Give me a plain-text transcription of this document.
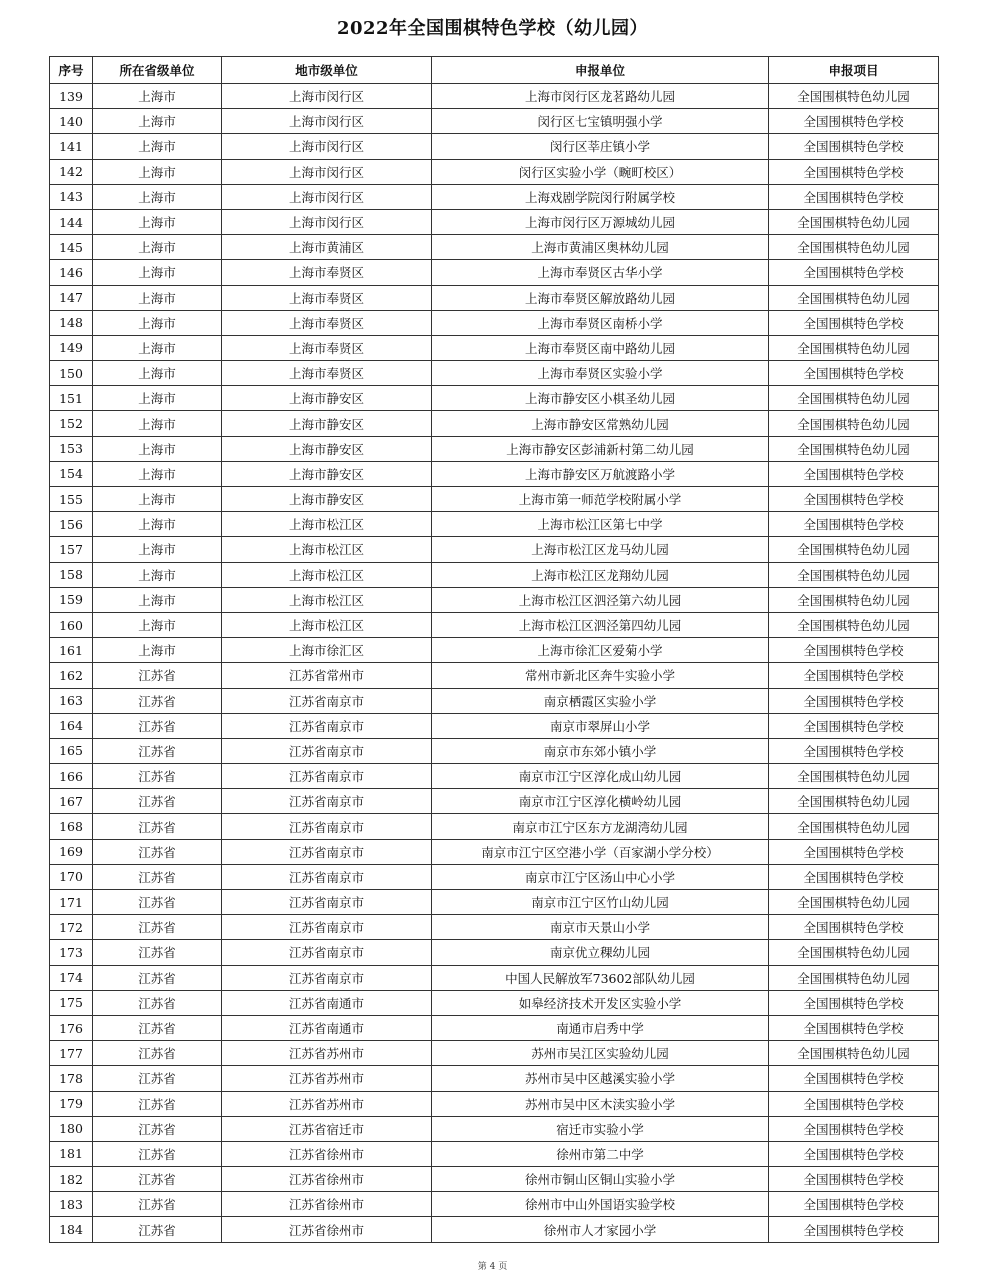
2022年全国围棋特色学校（幼儿园）
序号	所在省级单位	地市级单位	申报单位	申报项目
139	上海市	上海市闵行区	上海市闵行区龙茗路幼儿园	全国围棋特色幼儿园
140	上海市	上海市闵行区	闵行区七宝镇明强小学	全国围棋特色学校
141	上海市	上海市闵行区	闵行区莘庄镇小学	全国围棋特色学校
142	上海市	上海市闵行区	闵行区实验小学（畹町校区）	全国围棋特色学校
143	上海市	上海市闵行区	上海戏剧学院闵行附属学校	全国围棋特色学校
144	上海市	上海市闵行区	上海市闵行区万源城幼儿园	全国围棋特色幼儿园
145	上海市	上海市黄浦区	上海市黄浦区奥林幼儿园	全国围棋特色幼儿园
146	上海市	上海市奉贤区	上海市奉贤区古华小学	全国围棋特色学校
147	上海市	上海市奉贤区	上海市奉贤区解放路幼儿园	全国围棋特色幼儿园
148	上海市	上海市奉贤区	上海市奉贤区南桥小学	全国围棋特色学校
149	上海市	上海市奉贤区	上海市奉贤区南中路幼儿园	全国围棋特色幼儿园
150	上海市	上海市奉贤区	上海市奉贤区实验小学	全国围棋特色学校
151	上海市	上海市静安区	上海市静安区小棋圣幼儿园	全国围棋特色幼儿园
152	上海市	上海市静安区	上海市静安区常熟幼儿园	全国围棋特色幼儿园
153	上海市	上海市静安区	上海市静安区彭浦新村第二幼儿园	全国围棋特色幼儿园
154	上海市	上海市静安区	上海市静安区万航渡路小学	全国围棋特色学校
155	上海市	上海市静安区	上海市第一师范学校附属小学	全国围棋特色学校
156	上海市	上海市松江区	上海市松江区第七中学	全国围棋特色学校
157	上海市	上海市松江区	上海市松江区龙马幼儿园	全国围棋特色幼儿园
158	上海市	上海市松江区	上海市松江区龙翔幼儿园	全国围棋特色幼儿园
159	上海市	上海市松江区	上海市松江区泗泾第六幼儿园	全国围棋特色幼儿园
160	上海市	上海市松江区	上海市松江区泗泾第四幼儿园	全国围棋特色幼儿园
161	上海市	上海市徐汇区	上海市徐汇区爱菊小学	全国围棋特色学校
162	江苏省	江苏省常州市	常州市新北区奔牛实验小学	全国围棋特色学校
163	江苏省	江苏省南京市	南京栖霞区实验小学	全国围棋特色学校
164	江苏省	江苏省南京市	南京市翠屏山小学	全国围棋特色学校
165	江苏省	江苏省南京市	南京市东郊小镇小学	全国围棋特色学校
166	江苏省	江苏省南京市	南京市江宁区淳化成山幼儿园	全国围棋特色幼儿园
167	江苏省	江苏省南京市	南京市江宁区淳化横岭幼儿园	全国围棋特色幼儿园
168	江苏省	江苏省南京市	南京市江宁区东方龙湖湾幼儿园	全国围棋特色幼儿园
169	江苏省	江苏省南京市	南京市江宁区空港小学（百家湖小学分校）	全国围棋特色学校
170	江苏省	江苏省南京市	南京市江宁区汤山中心小学	全国围棋特色学校
171	江苏省	江苏省南京市	南京市江宁区竹山幼儿园	全国围棋特色幼儿园
172	江苏省	江苏省南京市	南京市天景山小学	全国围棋特色学校
173	江苏省	江苏省南京市	南京优立稞幼儿园	全国围棋特色幼儿园
174	江苏省	江苏省南京市	中国人民解放军73602部队幼儿园	全国围棋特色幼儿园
175	江苏省	江苏省南通市	如皋经济技术开发区实验小学	全国围棋特色学校
176	江苏省	江苏省南通市	南通市启秀中学	全国围棋特色学校
177	江苏省	江苏省苏州市	苏州市吴江区实验幼儿园	全国围棋特色幼儿园
178	江苏省	江苏省苏州市	苏州市吴中区越溪实验小学	全国围棋特色学校
179	江苏省	江苏省苏州市	苏州市吴中区木渎实验小学	全国围棋特色学校
180	江苏省	江苏省宿迁市	宿迁市实验小学	全国围棋特色学校
181	江苏省	江苏省徐州市	徐州市第二中学	全国围棋特色学校
182	江苏省	江苏省徐州市	徐州市铜山区铜山实验小学	全国围棋特色学校
183	江苏省	江苏省徐州市	徐州市中山外国语实验学校	全国围棋特色学校
184	江苏省	江苏省徐州市	徐州市人才家园小学	全国围棋特色学校
第 4 页
